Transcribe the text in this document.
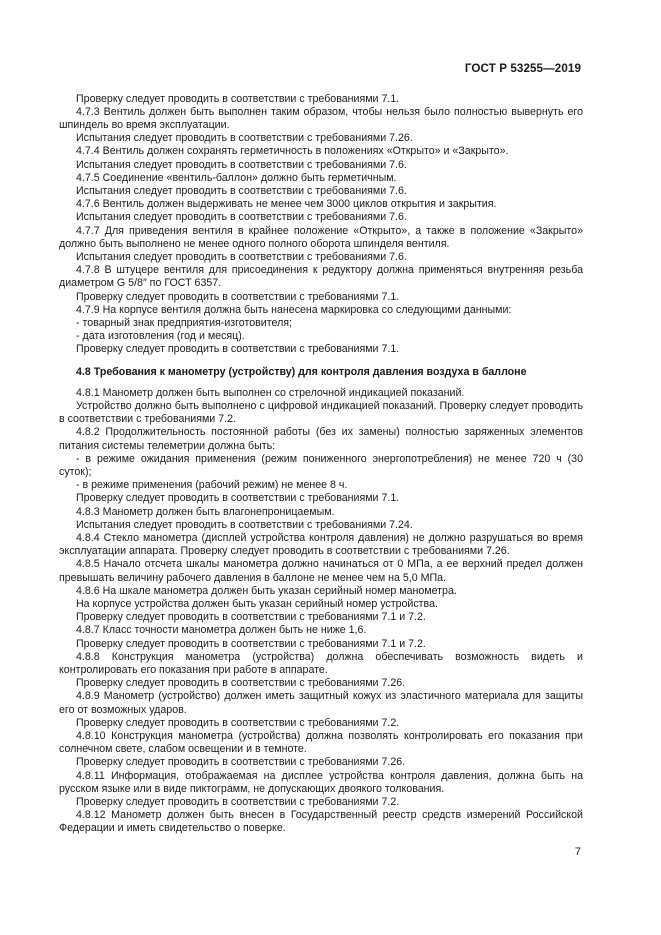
ГОСТ Р 53255—2019

Проверку следует проводить в соответствии с требованиями 7.1.

4.7.3 Вентиль должен быть выполнен таким образом, чтобы нельзя было полностью вывернуть его шпиндель во время эксплуатации.

Испытания следует проводить в соответствии с требованиями 7.26.

4.7.4 Вентиль должен сохранять герметичность в положениях «Открыто» и «Закрыто».

Испытания следует проводить в соответствии с требованиями 7.6.

4.7.5 Соединение «вентиль-баллон» должно быть герметичным.

Испытания следует проводить в соответствии с требованиями 7.6.

4.7.6 Вентиль должен выдерживать не менее чем 3000 циклов открытия и закрытия.

Испытания следует проводить в соответствии с требованиями 7.6.

4.7.7 Для приведения вентиля в крайнее положение «Открыто», а также в положение «Закрыто» должно быть выполнено не менее одного полного оборота шпинделя вентиля.

Испытания следует проводить в соответствии с требованиями 7.6.

4.7.8 В штуцере вентиля для присоединения к редуктору должна применяться внутренняя резьба диаметром G 5/8″ по ГОСТ 6357.

Проверку следует проводить в соответствии с требованиями 7.1.

4.7.9 На корпусе вентиля должна быть нанесена маркировка со следующими данными:

- товарный знак предприятия-изготовителя;

- дата изготовления (год и месяц).

Проверку следует проводить в соответствии с требованиями 7.1.

4.8 Требования к манометру (устройству) для контроля давления воздуха в баллоне

4.8.1 Манометр должен быть выполнен со стрелочной индикацией показаний.

Устройство должно быть выполнено с цифровой индикацией показаний. Проверку следует проводить в соответствии с требованиями 7.2.

4.8.2 Продолжительность постоянной работы (без их замены) полностью заряженных элементов питания системы телеметрии должна быть:

- в режиме ожидания применения (режим пониженного энергопотребления) не менее 720 ч (30 суток);

- в режиме применения (рабочий режим) не менее 8 ч.

Проверку следует проводить в соответствии с требованиями 7.1.

4.8.3 Манометр должен быть влагонепроницаемым.

Испытания следует проводить в соответствии с требованиями 7.24.

4.8.4 Стекло манометра (дисплей устройства контроля давления) не должно разрушаться во время эксплуатации аппарата. Проверку следует проводить в соответствии с требованиями 7.26.

4.8.5 Начало отсчета шкалы манометра должно начинаться от 0 МПа, а ее верхний предел должен превышать величину рабочего давления в баллоне не менее чем на 5,0 МПа.

4.8.6 На шкале манометра должен быть указан серийный номер манометра.

На корпусе устройства должен быть указан серийный номер устройства.

Проверку следует проводить в соответствии с требованиями 7.1 и 7.2.

4.8.7 Класс точности манометра должен быть не ниже 1,6.

Проверку следует проводить в соответствии с требованиями 7.1 и 7.2.

4.8.8 Конструкция манометра (устройства) должна обеспечивать возможность видеть и контролировать его показания при работе в аппарате.

Проверку следует проводить в соответствии с требованиями 7.26.

4.8.9 Манометр (устройство) должен иметь защитный кожух из эластичного материала для защиты его от возможных ударов.

Проверку следует проводить в соответствии с требованиями 7.2.

4.8.10 Конструкция манометра (устройства) должна позволять контролировать его показания при солнечном свете, слабом освещении и в темноте.

Проверку следует проводить в соответствии с требованиями 7.26.

4.8.11 Информация, отображаемая на дисплее устройства контроля давления, должна быть на русском языке или в виде пиктограмм, не допускающих двоякого толкования.

Проверку следует проводить в соответствии с требованиями 7.2.

4.8.12 Манометр должен быть внесен в Государственный реестр средств измерений Российской Федерации и иметь свидетельство о поверке.

7
